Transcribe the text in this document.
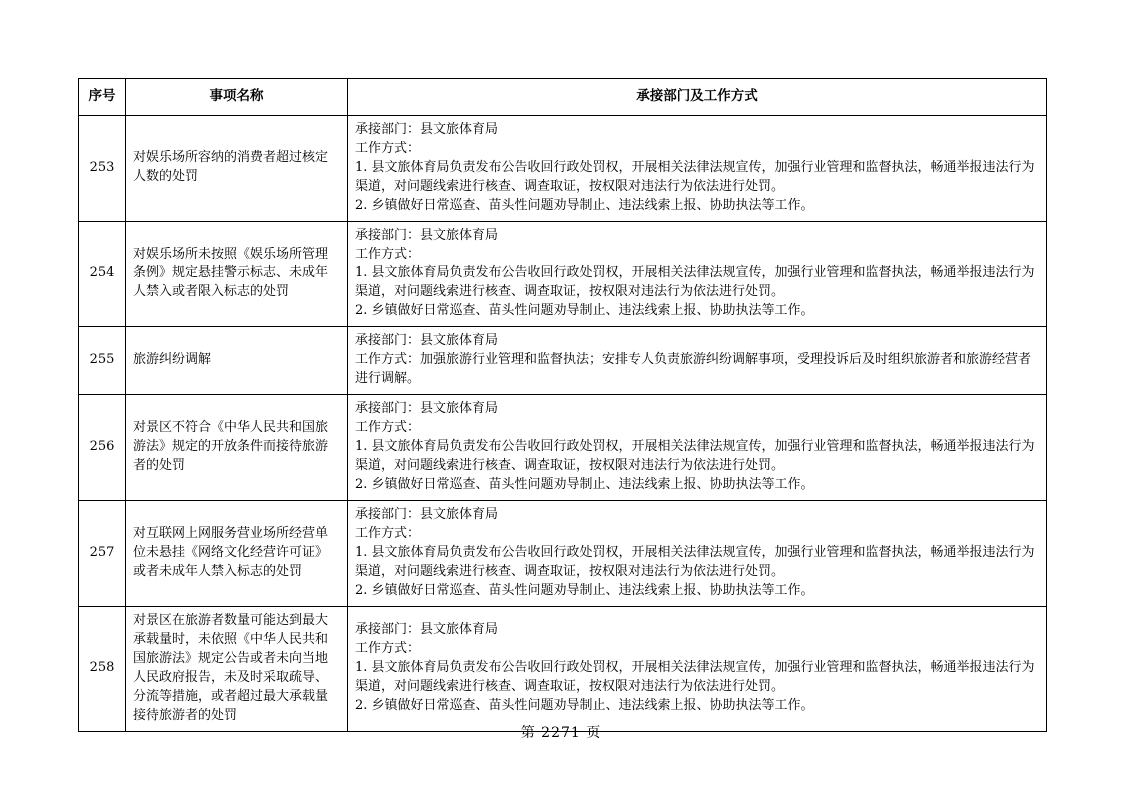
序号	事项名称	承接部门及工作方式
253	对娱乐场所容纳的消费者超过核定人数的处罚	承接部门：县文旅体育局
工作方式：
1. 县文旅体育局负责发布公告收回行政处罚权，开展相关法律法规宣传，加强行业管理和监督执法，畅通举报违法行为渠道，对问题线索进行核查、调查取证，按权限对违法行为依法进行处罚。
2. 乡镇做好日常巡查、苗头性问题劝导制止、违法线索上报、协助执法等工作。

254	对娱乐场所未按照《娱乐场所管理条例》规定悬挂警示标志、未成年人禁入或者限入标志的处罚	承接部门：县文旅体育局
工作方式：
1. 县文旅体育局负责发布公告收回行政处罚权，开展相关法律法规宣传，加强行业管理和监督执法，畅通举报违法行为渠道，对问题线索进行核查、调查取证，按权限对违法行为依法进行处罚。
2. 乡镇做好日常巡查、苗头性问题劝导制止、违法线索上报、协助执法等工作。

255	旅游纠纷调解	承接部门：县文旅体育局
工作方式：加强旅游行业管理和监督执法；安排专人负责旅游纠纷调解事项，受理投诉后及时组织旅游者和旅游经营者进行调解。

256	对景区不符合《中华人民共和国旅游法》规定的开放条件而接待旅游者的处罚	承接部门：县文旅体育局
工作方式：
1. 县文旅体育局负责发布公告收回行政处罚权，开展相关法律法规宣传，加强行业管理和监督执法，畅通举报违法行为渠道，对问题线索进行核查、调查取证，按权限对违法行为依法进行处罚。
2. 乡镇做好日常巡查、苗头性问题劝导制止、违法线索上报、协助执法等工作。

257	对互联网上网服务营业场所经营单位未悬挂《网络文化经营许可证》或者未成年人禁入标志的处罚	承接部门：县文旅体育局
工作方式：
1. 县文旅体育局负责发布公告收回行政处罚权，开展相关法律法规宣传，加强行业管理和监督执法，畅通举报违法行为渠道，对问题线索进行核查、调查取证，按权限对违法行为依法进行处罚。
2. 乡镇做好日常巡查、苗头性问题劝导制止、违法线索上报、协助执法等工作。

258	对景区在旅游者数量可能达到最大承载量时，未依照《中华人民共和国旅游法》规定公告或者未向当地人民政府报告，未及时采取疏导、分流等措施，或者超过最大承载量接待旅游者的处罚	承接部门：县文旅体育局
工作方式：
1. 县文旅体育局负责发布公告收回行政处罚权，开展相关法律法规宣传，加强行业管理和监督执法，畅通举报违法行为渠道，对问题线索进行核查、调查取证，按权限对违法行为依法进行处罚。
2. 乡镇做好日常巡查、苗头性问题劝导制止、违法线索上报、协助执法等工作。
第 2271 页
